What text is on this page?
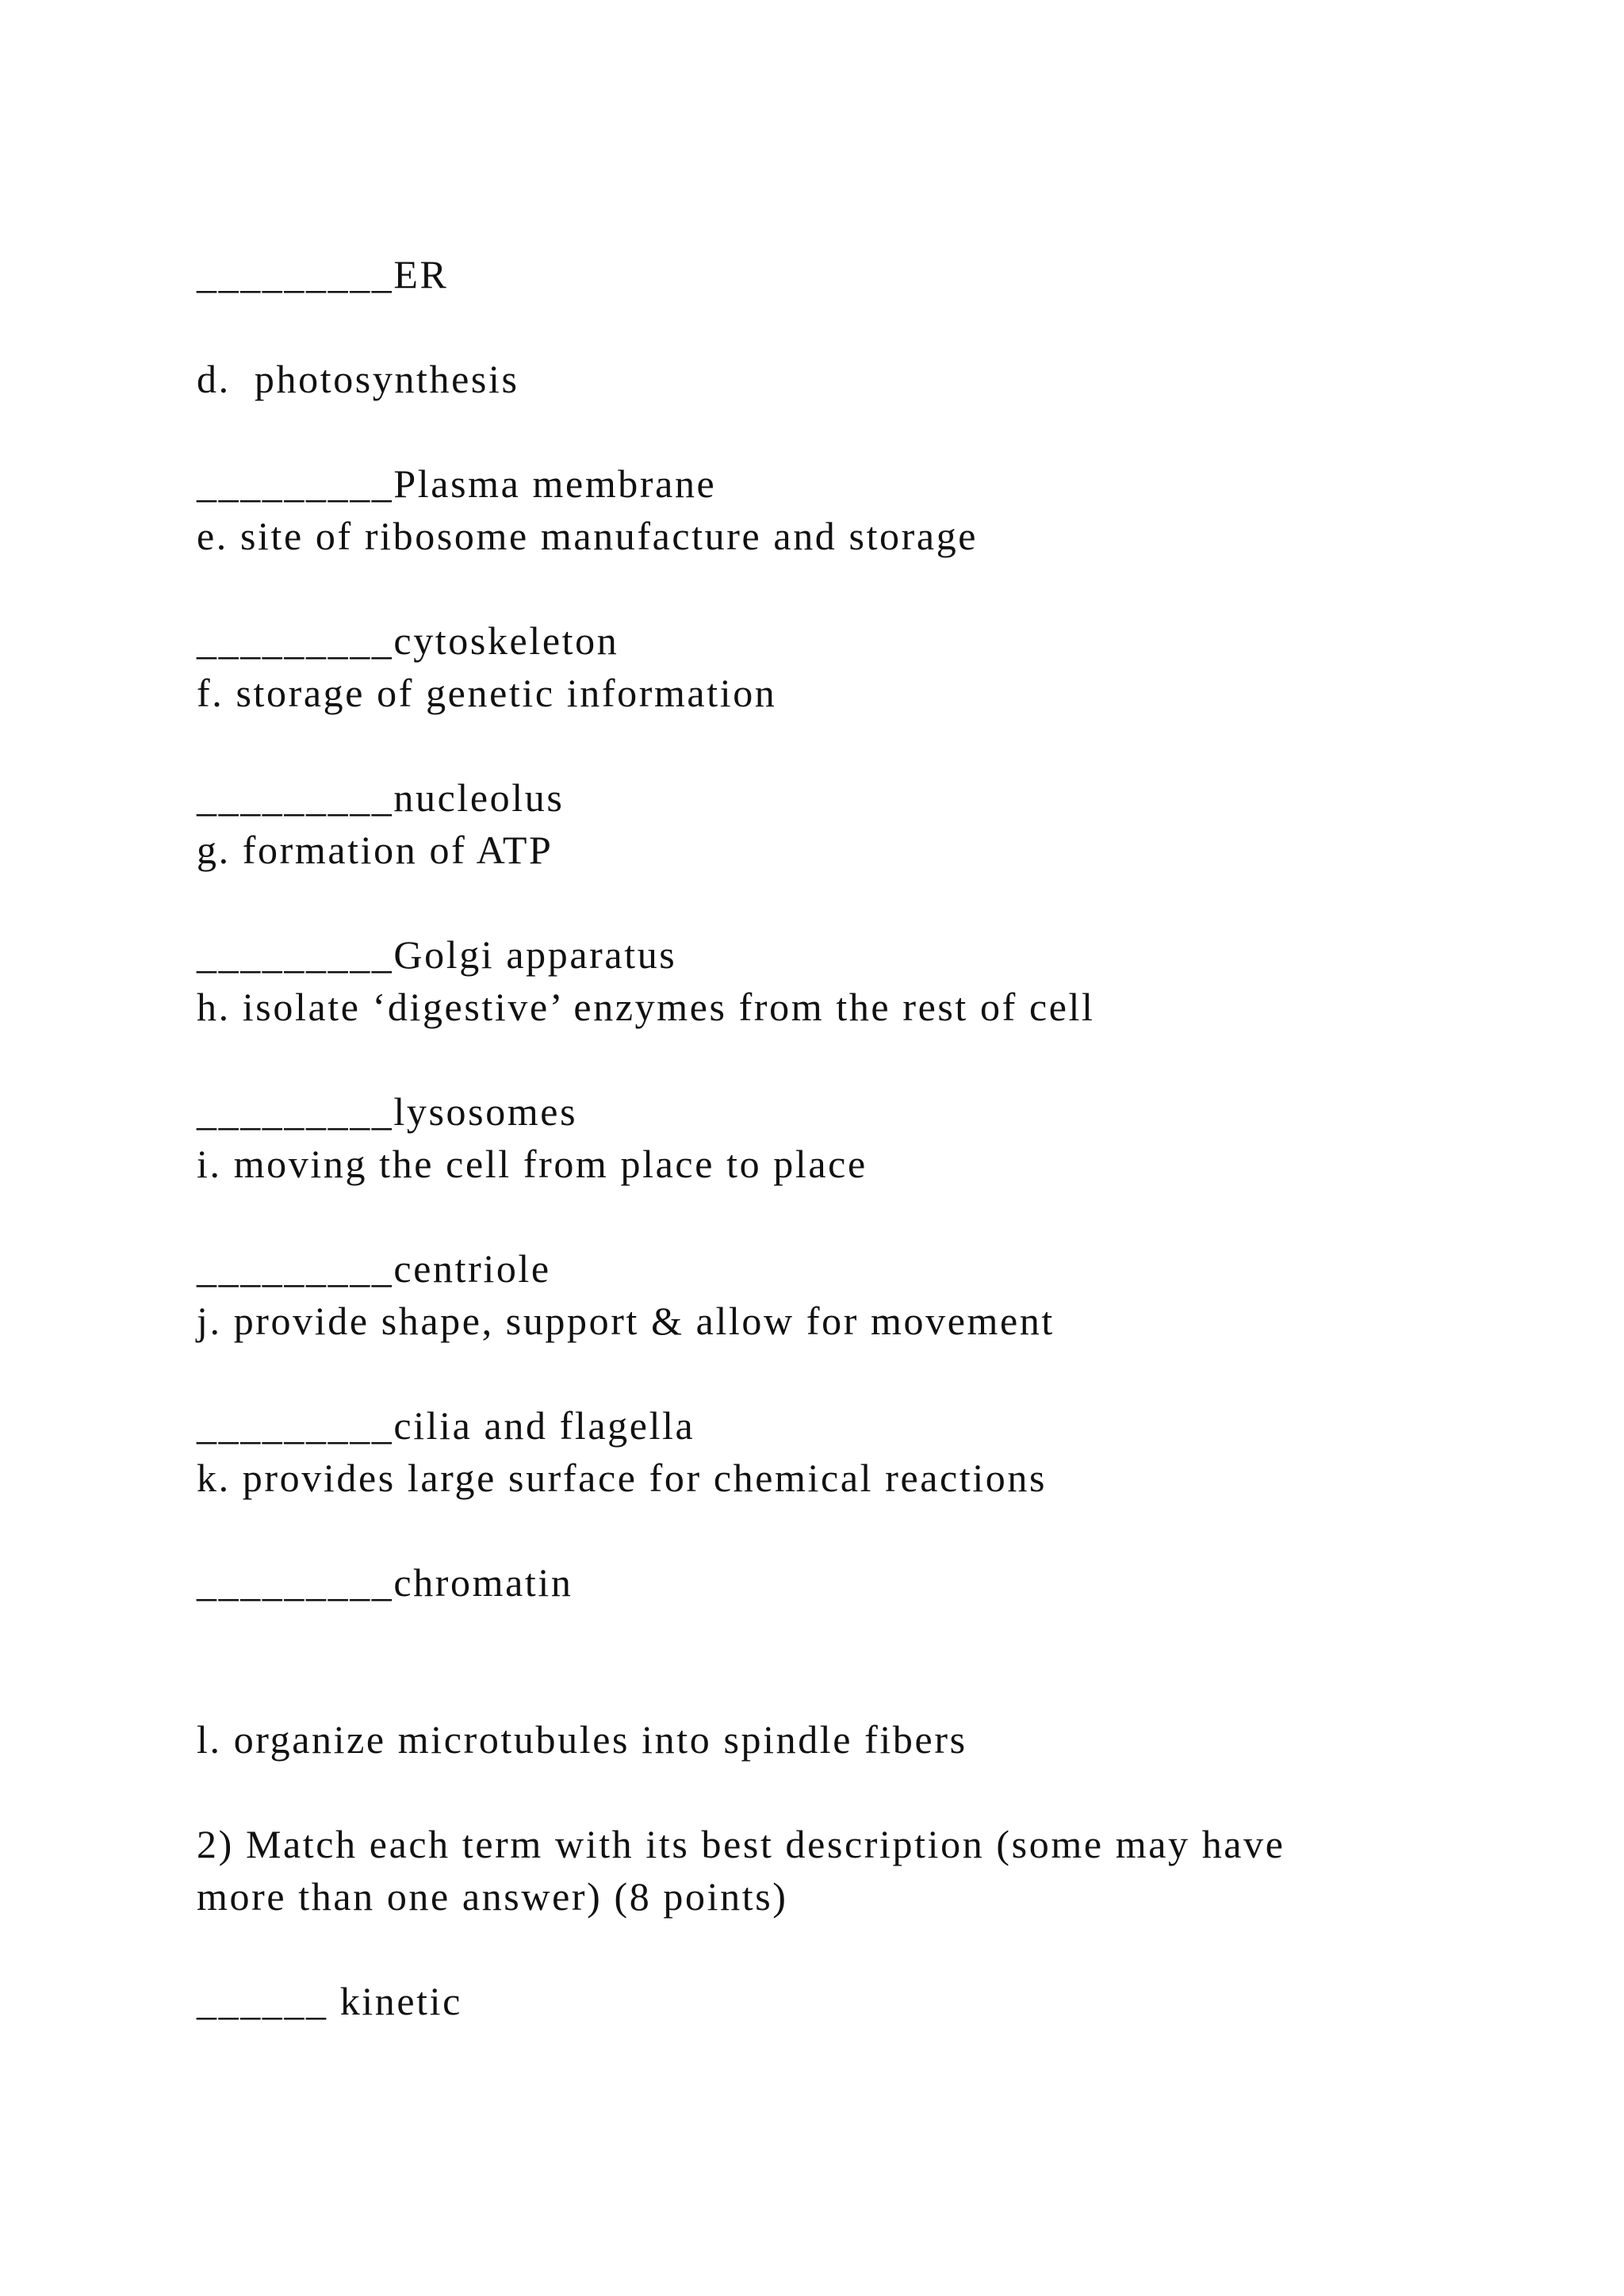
_________ER
d.  photosynthesis
_________Plasma membrane
e. site of ribosome manufacture and storage
_________cytoskeleton
f. storage of genetic information
_________nucleolus
g. formation of ATP
_________Golgi apparatus
h. isolate ‘digestive’ enzymes from the rest of cell
_________lysosomes
i. moving the cell from place to place
_________centriole
j. provide shape, support & allow for movement
_________cilia and flagella
k. provides large surface for chemical reactions
_________chromatin
l. organize microtubules into spindle fibers
2) Match each term with its best description (some may have
more than one answer) (8 points)
______ kinetic
